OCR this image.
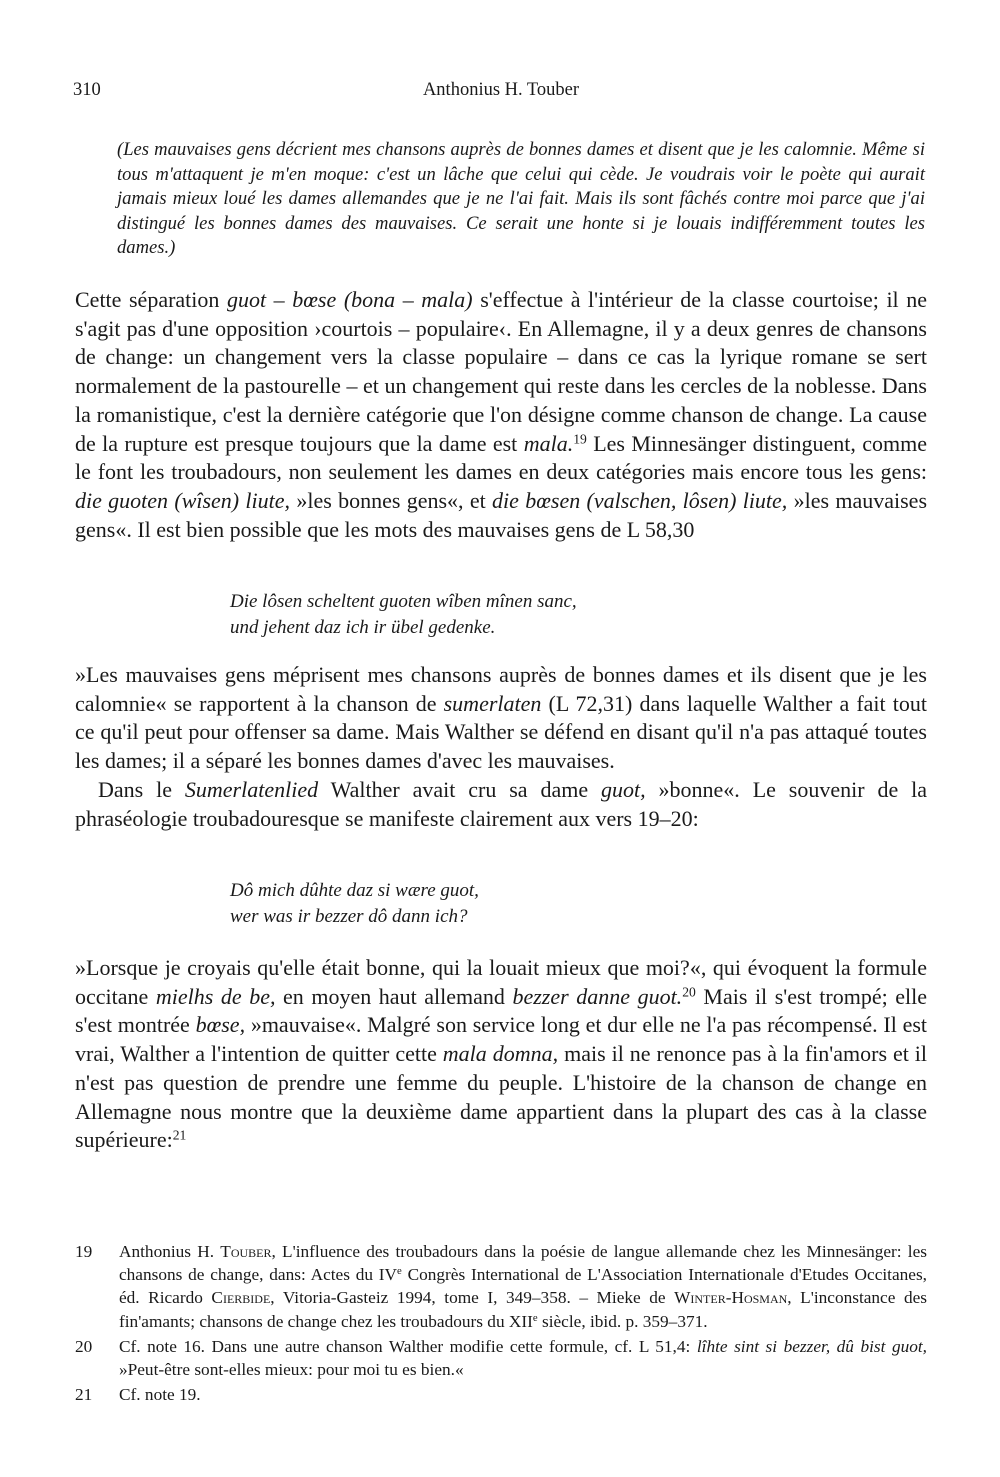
310	Anthonius H. Touber
(Les mauvaises gens décrient mes chansons auprès de bonnes dames et disent que je les calomnie. Même si tous m'attaquent je m'en moque: c'est un lâche que celui qui cède. Je voudrais voir le poète qui aurait jamais mieux loué les dames allemandes que je ne l'ai fait. Mais ils sont fâchés contre moi parce que j'ai distingué les bonnes dames des mauvaises. Ce serait une honte si je louais indifféremment toutes les dames.)

Cette séparation guot – bœse (bona – mala) s'effectue à l'intérieur de la classe courtoise; il ne s'agit pas d'une opposition ›courtois – populaire‹. En Allemagne, il y a deux genres de chansons de change: un changement vers la classe populaire – dans ce cas la lyrique romane se sert normalement de la pastourelle – et un changement qui reste dans les cercles de la noblesse. Dans la romanistique, c'est la dernière catégorie que l'on désigne comme chanson de change. La cause de la rupture est presque toujours que la dame est mala.$^{19}$ Les Minnesänger distinguent, comme le font les troubadours, non seulement les dames en deux catégories mais encore tous les gens: die guoten (wîsen) liute, »les bonnes gens«, et die bœsen (valschen, lôsen) liute, »les mauvaises gens«. Il est bien possible que les mots des mauvaises gens de L 58,30

Die lôsen scheltent guoten wîben mînen sanc,
und jehent daz ich ir übel gedenke.

»Les mauvaises gens méprisent mes chansons auprès de bonnes dames et ils disent que je les calomnie« se rapportent à la chanson de sumerlaten (L 72,31) dans laquelle Walther a fait tout ce qu'il peut pour offenser sa dame. Mais Walther se défend en disant qu'il n'a pas attaqué toutes les dames; il a séparé les bonnes dames d'avec les mauvaises.

Dans le Sumerlatenlied Walther avait cru sa dame guot, »bonne«. Le souvenir de la phraséologie troubadouresque se manifeste clairement aux vers 19–20:

Dô mich dûhte daz si wære guot,
wer was ir bezzer dô dann ich?

»Lorsque je croyais qu'elle était bonne, qui la louait mieux que moi?«, qui évoquent la formule occitane mielhs de be, en moyen haut allemand bezzer danne guot.$^{20}$ Mais il s'est trompé; elle s'est montrée bœse, »mauvaise«. Malgré son service long et dur elle ne l'a pas récompensé. Il est vrai, Walther a l'intention de quitter cette mala domna, mais il ne renonce pas à la fin'amors et il n'est pas question de prendre une femme du peuple. L'histoire de la chanson de change en Allemagne nous montre que la deuxième dame appartient dans la plupart des cas à la classe supérieure:$^{21}$

19 Anthonius H. Touber, L'influence des troubadours dans la poésie de langue allemande chez les Minnesänger: les chansons de change, dans: Actes du IVe Congrès International de L'Association Internationale d'Etudes Occitanes, éd. Ricardo Cierbide, Vitoria-Gasteiz 1994, tome I, 349–358. – Mieke de Winter-Hosman, L'inconstance des fin'amants; chansons de change chez les troubadours du XIIe siècle, ibid. p. 359–371.
20 Cf. note 16. Dans une autre chanson Walther modifie cette formule, cf. L 51,4: lîhte sint si bezzer, dû bist guot, »Peut-être sont-elles mieux: pour moi tu es bien.«
21 Cf. note 19.
